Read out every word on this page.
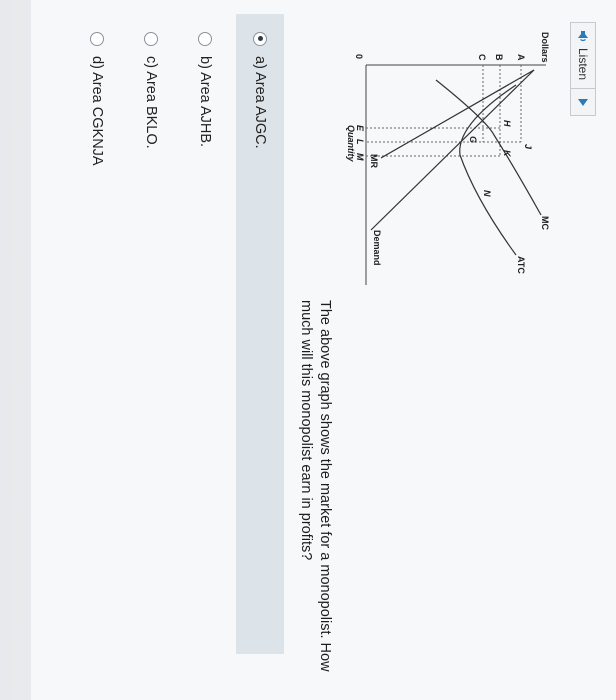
Listen
Dollars
0
Quantity
A
B
C
E
L
M
Demand
MR
MC
ATC
J
H
K
N
G
The above graph shows the market for a monopolist. How much will this monopolist earn in profits?
a) Area AJGC.
b) Area AJHB.
c) Area BKLO.
d) Area CGKNJA
